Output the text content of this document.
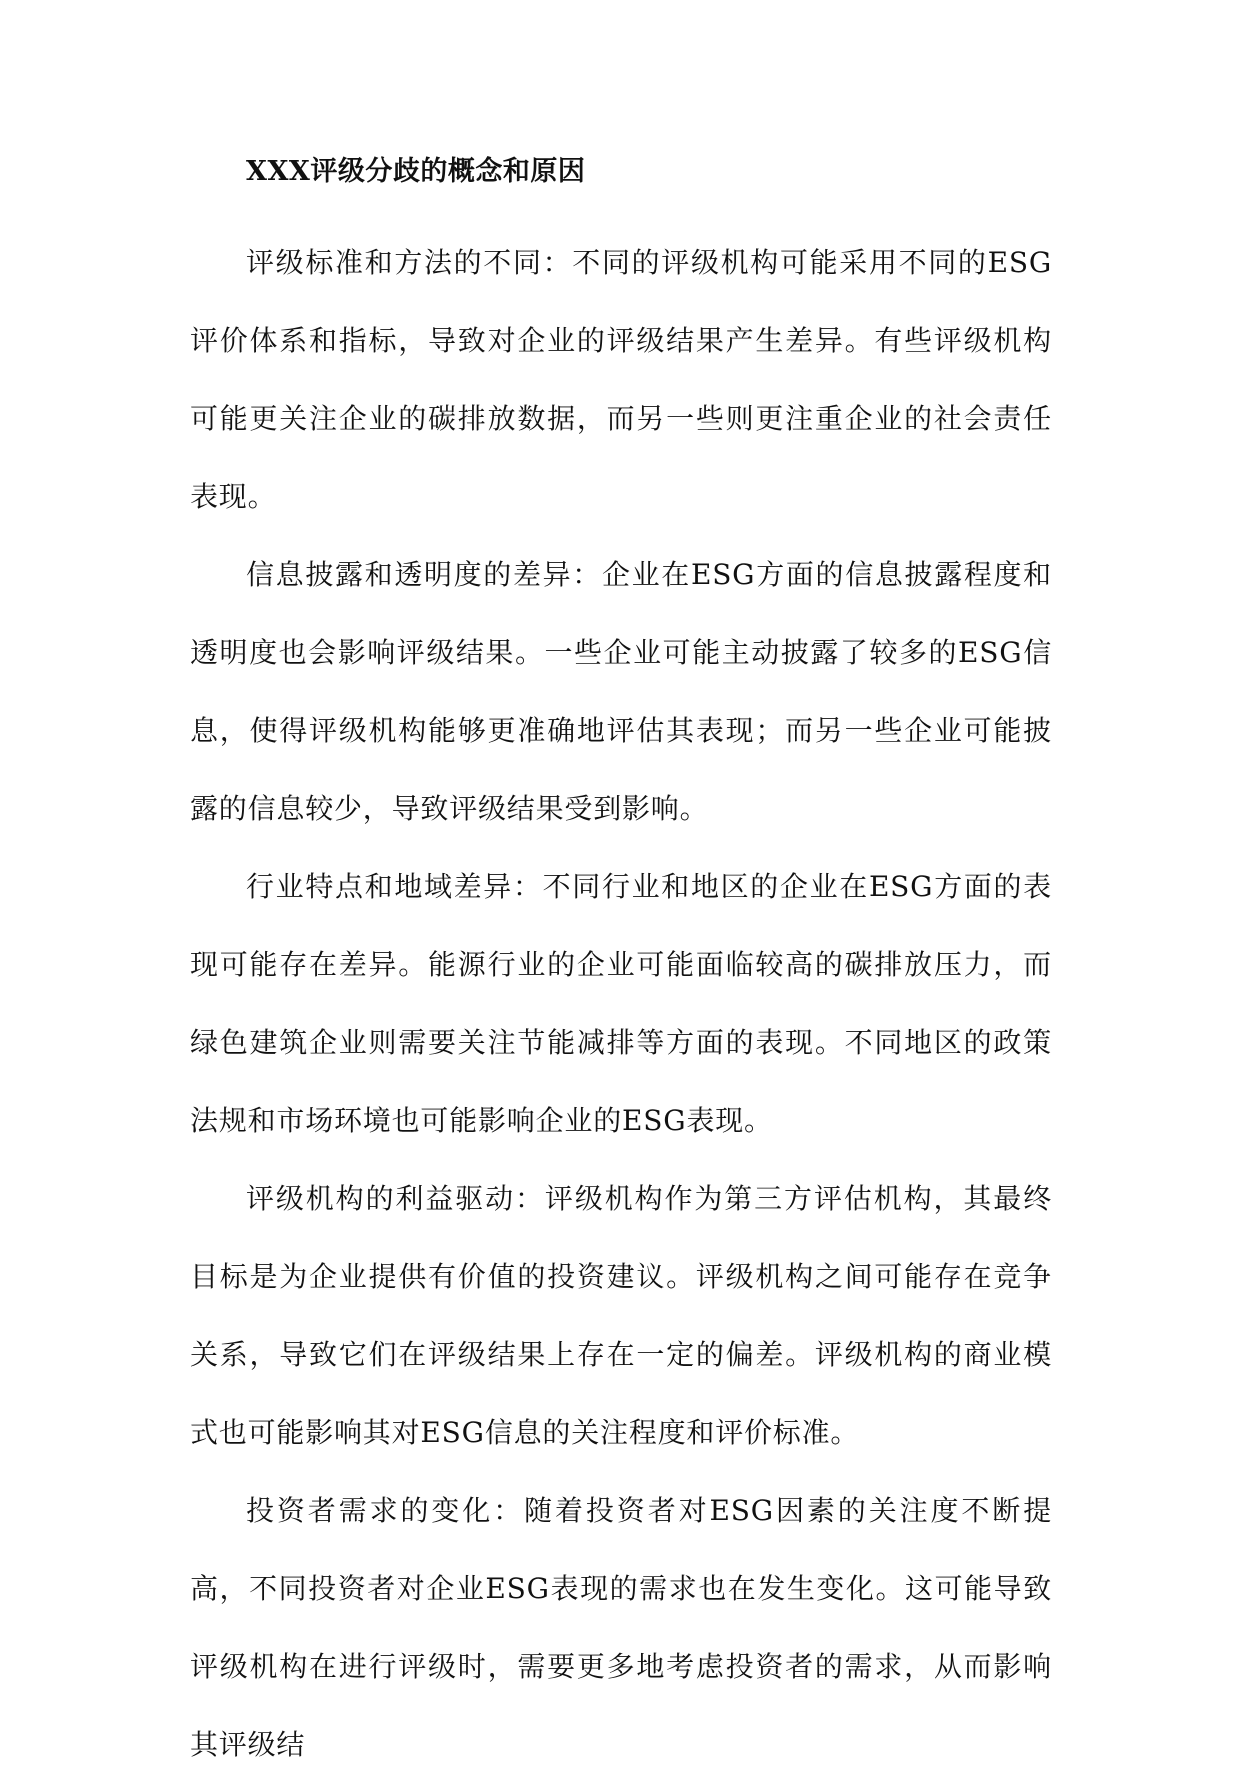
XXX评级分歧的概念和原因

评级标准和方法的不同：不同的评级机构可能采用不同的ESG评价体系和指标，导致对企业的评级结果产生差异。有些评级机构可能更关注企业的碳排放数据，而另一些则更注重企业的社会责任表现。

信息披露和透明度的差异：企业在ESG方面的信息披露程度和透明度也会影响评级结果。一些企业可能主动披露了较多的ESG信息，使得评级机构能够更准确地评估其表现；而另一些企业可能披露的信息较少，导致评级结果受到影响。

行业特点和地域差异：不同行业和地区的企业在ESG方面的表现可能存在差异。能源行业的企业可能面临较高的碳排放压力，而绿色建筑企业则需要关注节能减排等方面的表现。不同地区的政策法规和市场环境也可能影响企业的ESG表现。

评级机构的利益驱动：评级机构作为第三方评估机构，其最终目标是为企业提供有价值的投资建议。评级机构之间可能存在竞争关系，导致它们在评级结果上存在一定的偏差。评级机构的商业模式也可能影响其对ESG信息的关注程度和评价标准。

投资者需求的变化：随着投资者对ESG因素的关注度不断提高，不同投资者对企业ESG表现的需求也在发生变化。这可能导致评级机构在进行评级时，需要更多地考虑投资者的需求，从而影响其评级结
